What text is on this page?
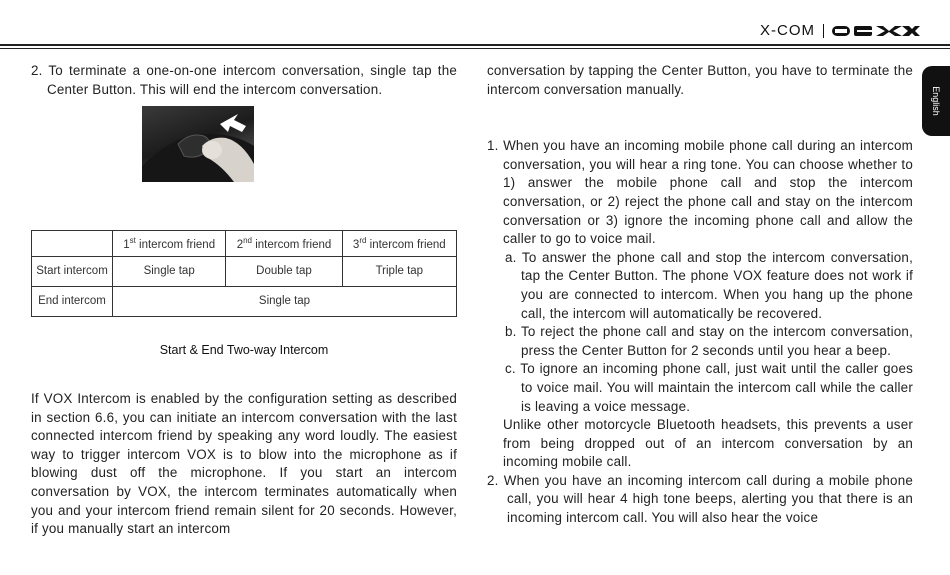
X-COM
English

2. To terminate a one-on-one intercom conversation, single tap the Center Button. This will end the intercom conversation.

	1st intercom friend	2nd intercom friend	3rd intercom friend
Start intercom	Single tap	Double tap	Triple tap
End intercom	Single tap		
Start & End Two-way Intercom

If VOX Intercom is enabled by the configuration setting as described in section 6.6, you can initiate an intercom conversation with the last connected intercom friend by speaking any word loudly. The easiest way to trigger intercom VOX is to blow into the microphone as if blowing dust off the microphone. If you start an intercom conversation by VOX, the intercom terminates automatically when you and your intercom friend remain silent for 20 seconds. However, if you manually start an intercom

conversation by tapping the Center Button, you have to terminate the intercom conversation manually.

1. When you have an incoming mobile phone call during an intercom conversation, you will hear a ring tone. You can choose whether to 1) answer the mobile phone call and stop the intercom conversation, or 2) reject the phone call and stay on the intercom conversation or 3) ignore the incoming phone call and allow the caller to go to voice mail.

a. To answer the phone call and stop the intercom conversation, tap the Center Button. The phone VOX feature does not work if you are connected to intercom. When you hang up the phone call, the intercom will automatically be recovered.

b. To reject the phone call and stay on the intercom conversation, press the Center Button for 2 seconds until you hear a beep.

c. To ignore an incoming phone call, just wait until the caller goes to voice mail. You will maintain the intercom call while the caller is leaving a voice message.

Unlike other motorcycle Bluetooth headsets, this prevents a user from being dropped out of an intercom conversation by an incoming mobile call.

2. When you have an incoming intercom call during a mobile phone call, you will hear 4 high tone beeps, alerting you that there is an incoming intercom call. You will also hear the voice
